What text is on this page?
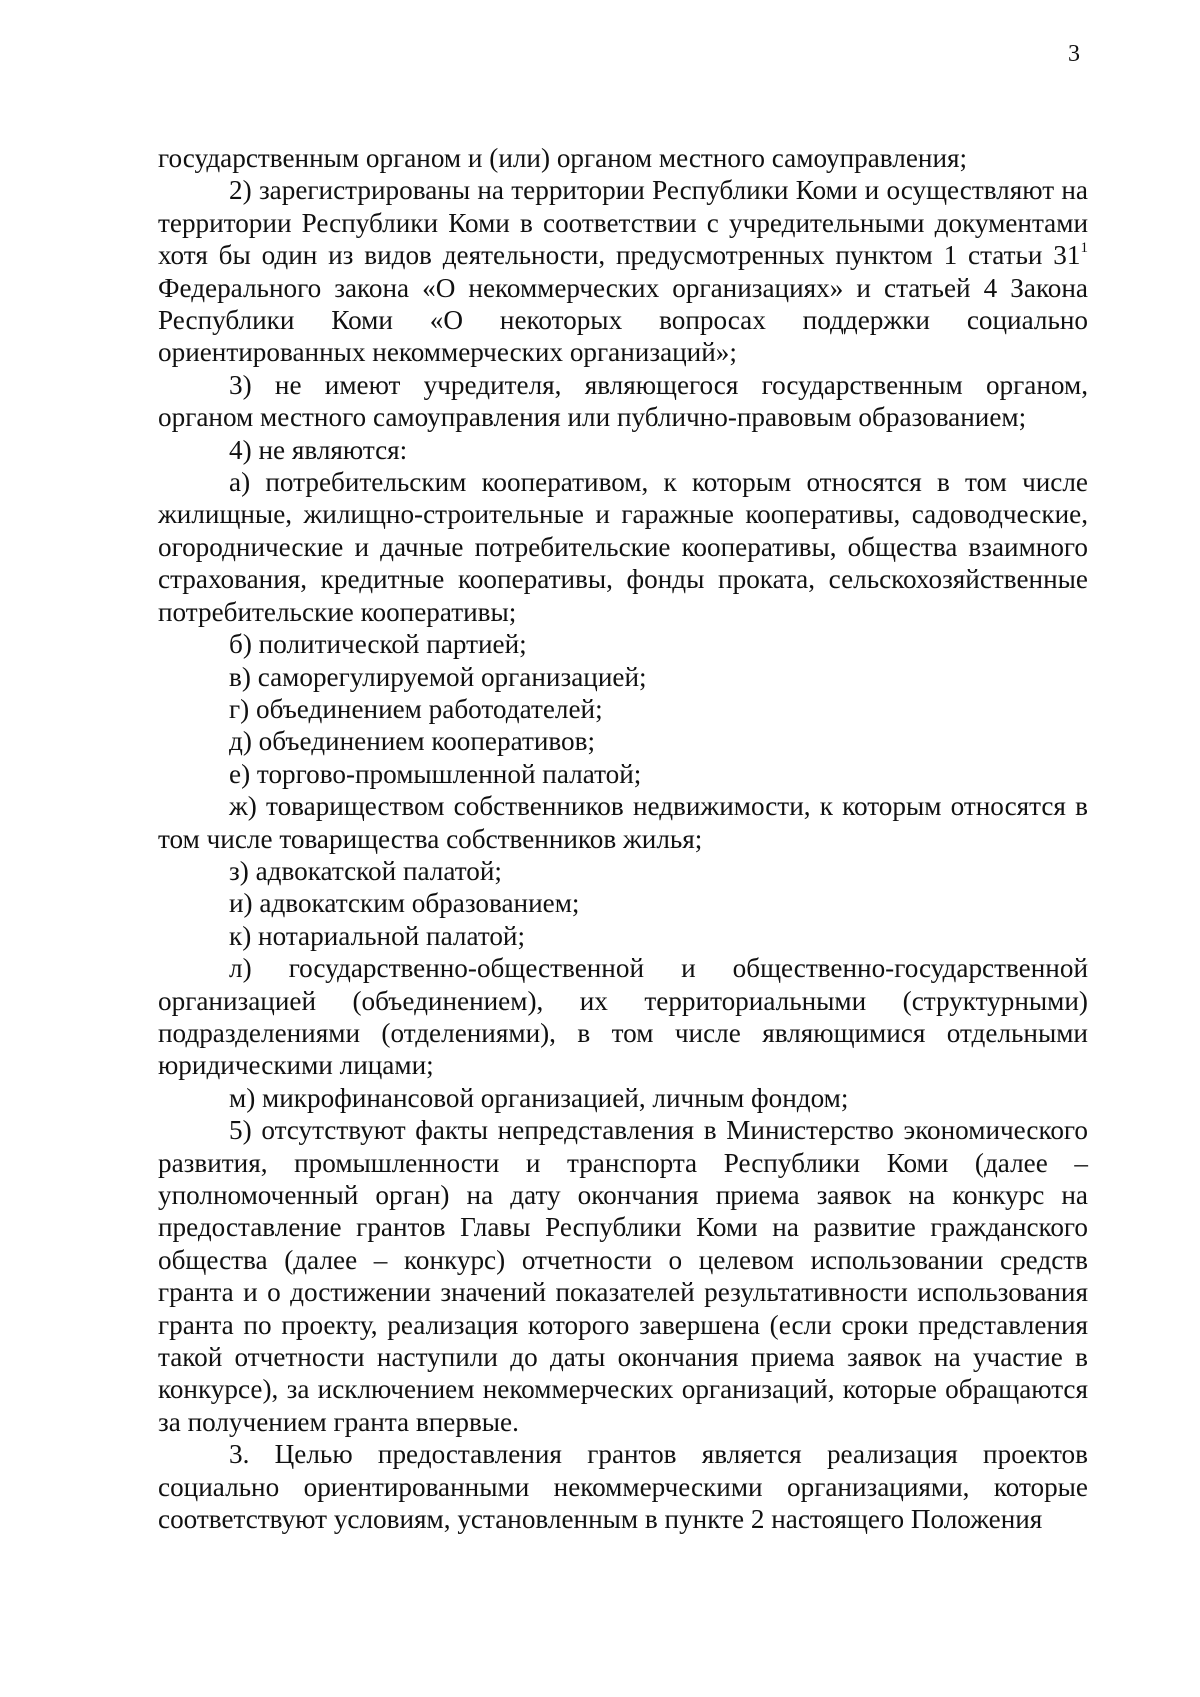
3

государственным органом и (или) органом местного самоуправления;

2) зарегистрированы на территории Республики Коми и осуществляют на территории Республики Коми в соответствии с учредительными документами хотя бы один из видов деятельности, предусмотренных пунктом 1 статьи $31^1$ Федерального закона «О некоммерческих организациях» и статьей 4 Закона Республики Коми «О некоторых вопросах поддержки социально ориентированных некоммерческих организаций»;

3) не имеют учредителя, являющегося государственным органом, органом местного самоуправления или публично-правовым образованием;

4) не являются:

а) потребительским кооперативом, к которым относятся в том числе жилищные, жилищно-строительные и гаражные кооперативы, садоводческие, огороднические и дачные потребительские кооперативы, общества взаимного страхования, кредитные кооперативы, фонды проката, сельскохозяйственные потребительские кооперативы;

б) политической партией;

в) саморегулируемой организацией;

г) объединением работодателей;

д) объединением кооперативов;

е) торгово-промышленной палатой;

ж) товариществом собственников недвижимости, к которым относятся в том числе товарищества собственников жилья;

з) адвокатской палатой;

и) адвокатским образованием;

к) нотариальной палатой;

л) государственно-общественной и общественно-государственной организацией (объединением), их территориальными (структурными) подразделениями (отделениями), в том числе являющимися отдельными юридическими лицами;

м) микрофинансовой организацией, личным фондом;

5) отсутствуют факты непредставления в Министерство экономического развития, промышленности и транспорта Республики Коми (далее – уполномоченный орган) на дату окончания приема заявок на конкурс на предоставление грантов Главы Республики Коми на развитие гражданского общества (далее – конкурс) отчетности о целевом использовании средств гранта и о достижении значений показателей результативности использования гранта по проекту, реализация которого завершена (если сроки представления такой отчетности наступили до даты окончания приема заявок на участие в конкурсе), за исключением некоммерческих организаций, которые обращаются за получением гранта впервые.

3. Целью предоставления грантов является реализация проектов социально ориентированными некоммерческими организациями, которые соответствуют условиям, установленным в пункте 2 настоящего Положения
